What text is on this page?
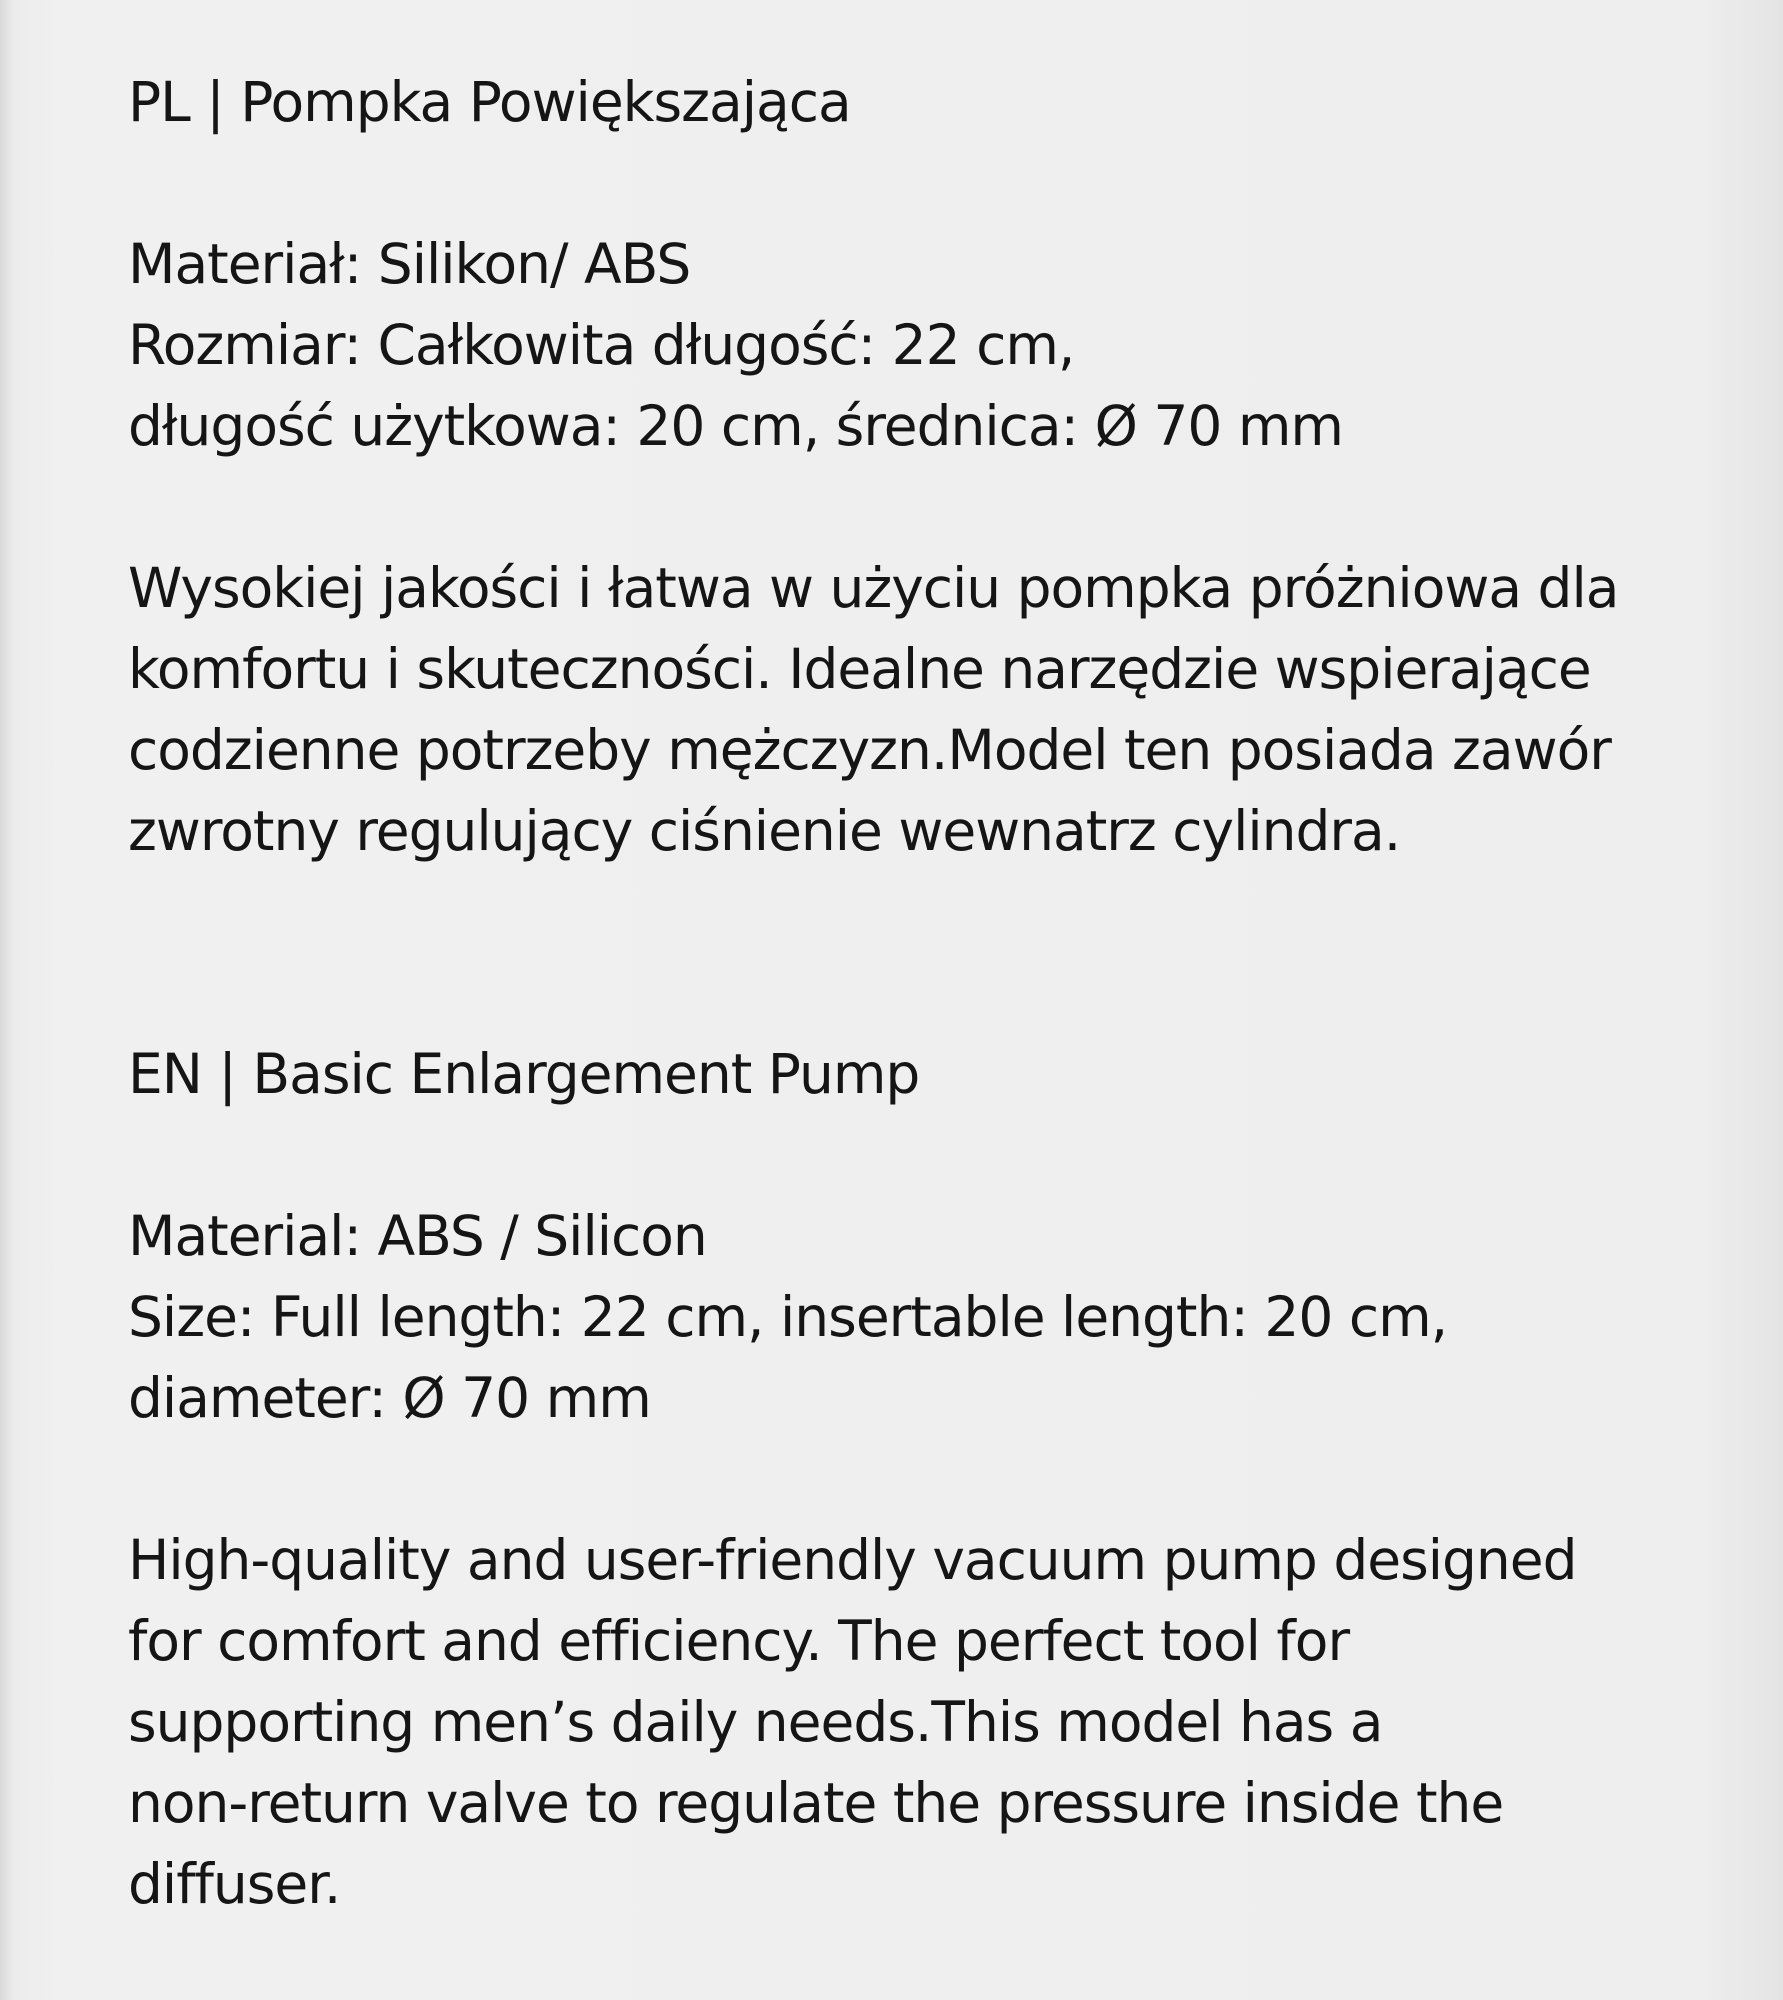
PL | Pompka Powiększająca
Materiał: Silikon/ ABS
Rozmiar: Całkowita długość: 22 cm,
długość użytkowa: 20 cm, średnica: Ø 70 mm
Wysokiej jakości i łatwa w użyciu pompka próżniowa dla
komfortu i skuteczności. Idealne narzędzie wspierające
codzienne potrzeby mężczyzn.Model ten posiada zawór
zwrotny regulujący ciśnienie wewnatrz cylindra.
EN | Basic Enlargement Pump
Material: ABS / Silicon
Size: Full length: 22 cm, insertable length: 20 cm,
diameter: Ø 70 mm
High-quality and user-friendly vacuum pump designed
for comfort and efficiency. The perfect tool for
supporting men’s daily needs.This model has a
non-return valve to regulate the pressure inside the
diffuser.
